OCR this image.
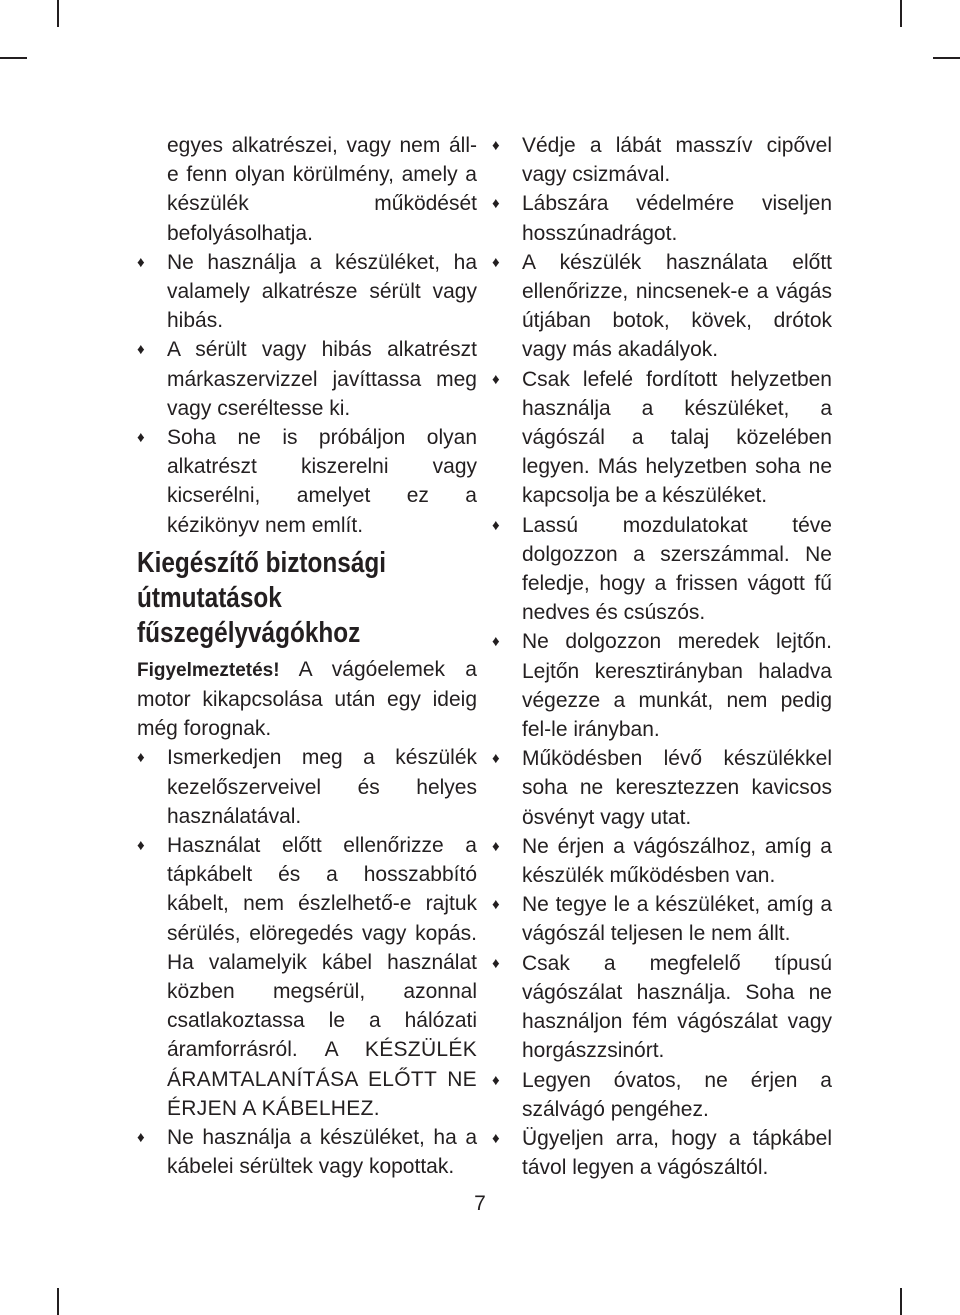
egyes alkatrészei, vagy nem áll-e fenn olyan körülmény, amely a készülék működését befolyásolhatja.

♦	Ne használja a készüléket, ha valamely alkatrésze sérült vagy hibás.

♦	A sérült vagy hibás alkatrészt márkaszervizzel javíttassa meg vagy cseréltesse ki.

♦	Soha ne is próbáljon olyan alkatrészt kiszerelni vagy kicserélni, amelyet ez a kézikönyv nem említ.

Kiegészítő biztonsági útmutatások fűszegélyvágókhoz

Figyelmeztetés! A vágóelemek a motor kikapcsolása után egy ideig még forognak.

♦	Ismerkedjen meg a készülék kezelőszerveivel és helyes használatával.

♦	Használat előtt ellenőrizze a tápkábelt és a hosszabbító kábelt, nem észlelhető-e rajtuk sérülés, elöregedés vagy kopás. Ha valamelyik kábel használat közben megsérül, azonnal csatlakoztassa le a hálózati áramforrásról. A KÉSZÜLÉK ÁRAMTALANÍTÁSA ELŐTT NE ÉRJEN A KÁBELHEZ.

♦	Ne használja a készüléket, ha a kábelei sérültek vagy kopottak.

♦	Védje a lábát masszív cipővel vagy csizmával.

♦	Lábszára védelmére viseljen hosszúnadrágot.

♦	A készülék használata előtt ellenőrizze, nincsenek-e a vágás útjában botok, kövek, drótok vagy más akadályok.

♦	Csak lefelé fordított helyzetben használja a készüléket, a vágószál a talaj közelében legyen. Más helyzetben soha ne kapcsolja be a készüléket.

♦	Lassú mozdulatokat téve dolgozzon a szerszámmal. Ne feledje, hogy a frissen vágott fű nedves és csúszós.

♦	Ne dolgozzon meredek lejtőn. Lejtőn keresztirányban haladva végezze a munkát, nem pedig fel-le irányban.

♦	Működésben lévő készülékkel soha ne keresztezzen kavicsos ösvényt vagy utat.

♦	Ne érjen a vágószálhoz, amíg a készülék működésben van.

♦	Ne tegye le a készüléket, amíg a vágószál teljesen le nem állt.

♦	Csak a megfelelő típusú vágószálat használja. Soha ne használjon fém vágószálat vagy horgászzsinórt.

♦	Legyen óvatos, ne érjen a szálvágó pengéhez.

♦	Ügyeljen arra, hogy a tápkábel távol legyen a vágószáltól.

7
